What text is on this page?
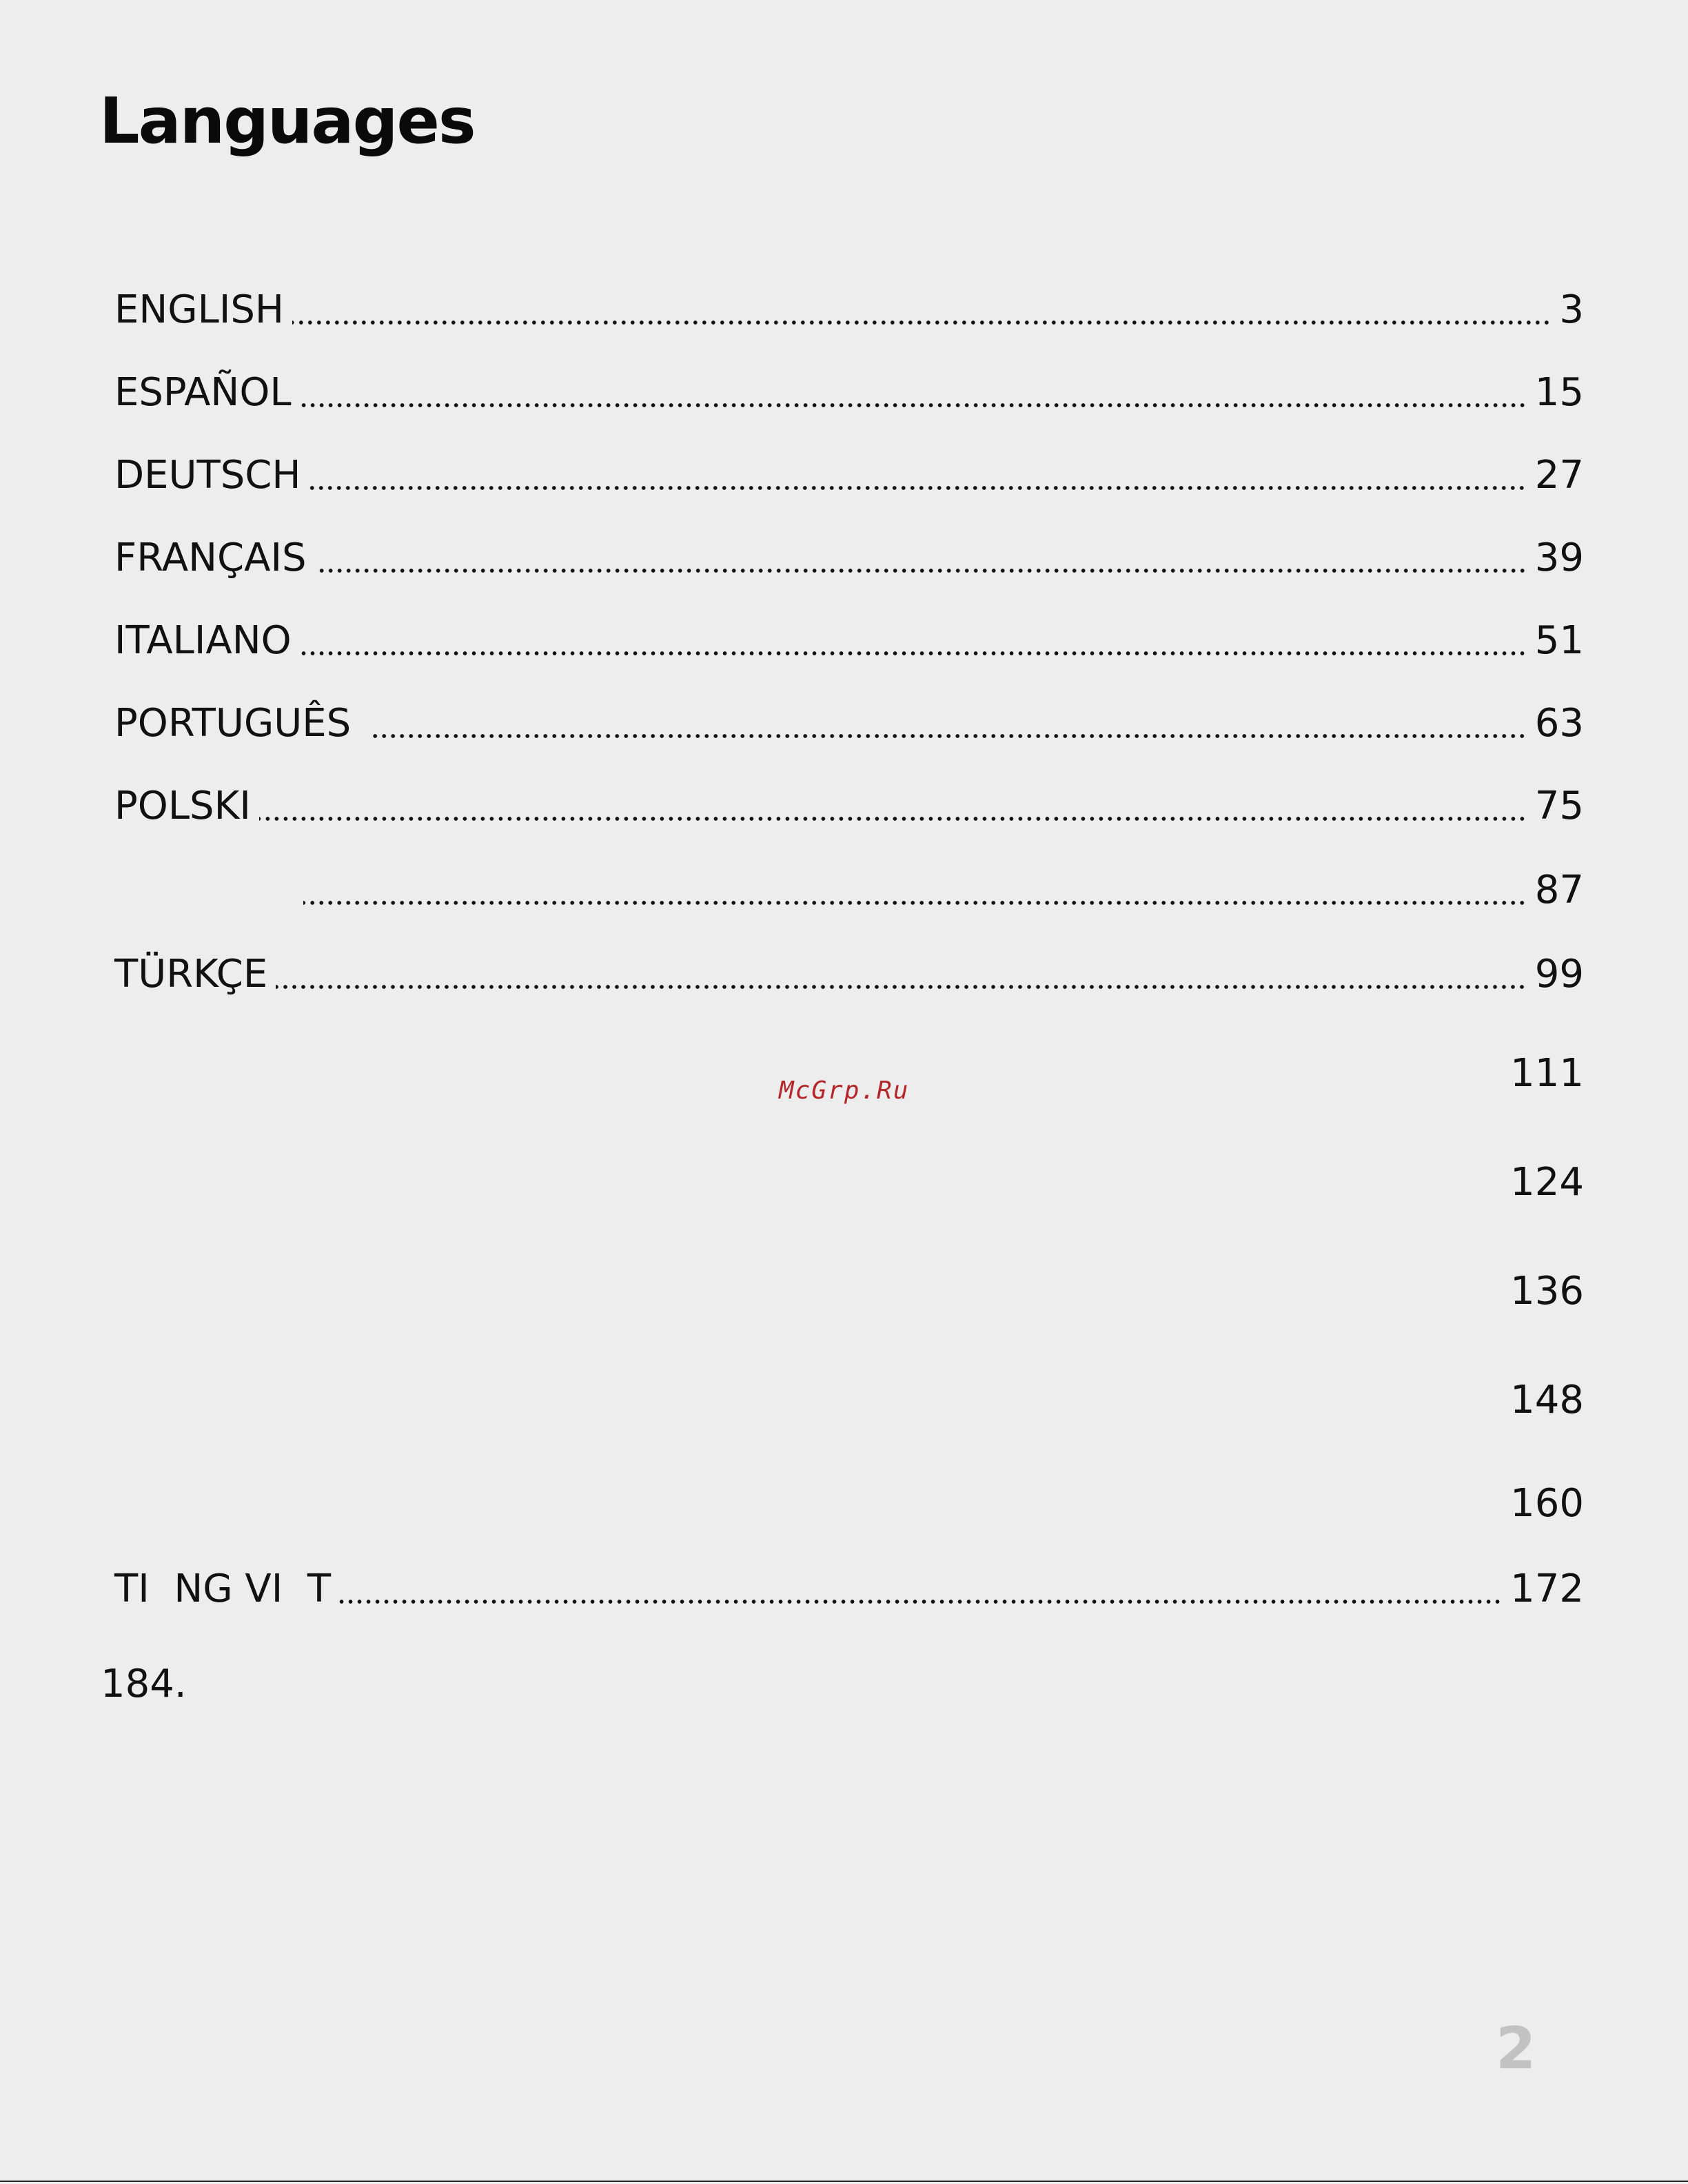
Languages
ENGLISH	3
ESPAÑOL	15
DEUTSCH	27
FRANÇAIS	39
ITALIANO	51
PORTUGUÊS	63
POLSKI	75
87
TÜRKÇE	99
111
124
136
148
160
TI  NG VI  T	172
184.
McGrp.Ru
2
